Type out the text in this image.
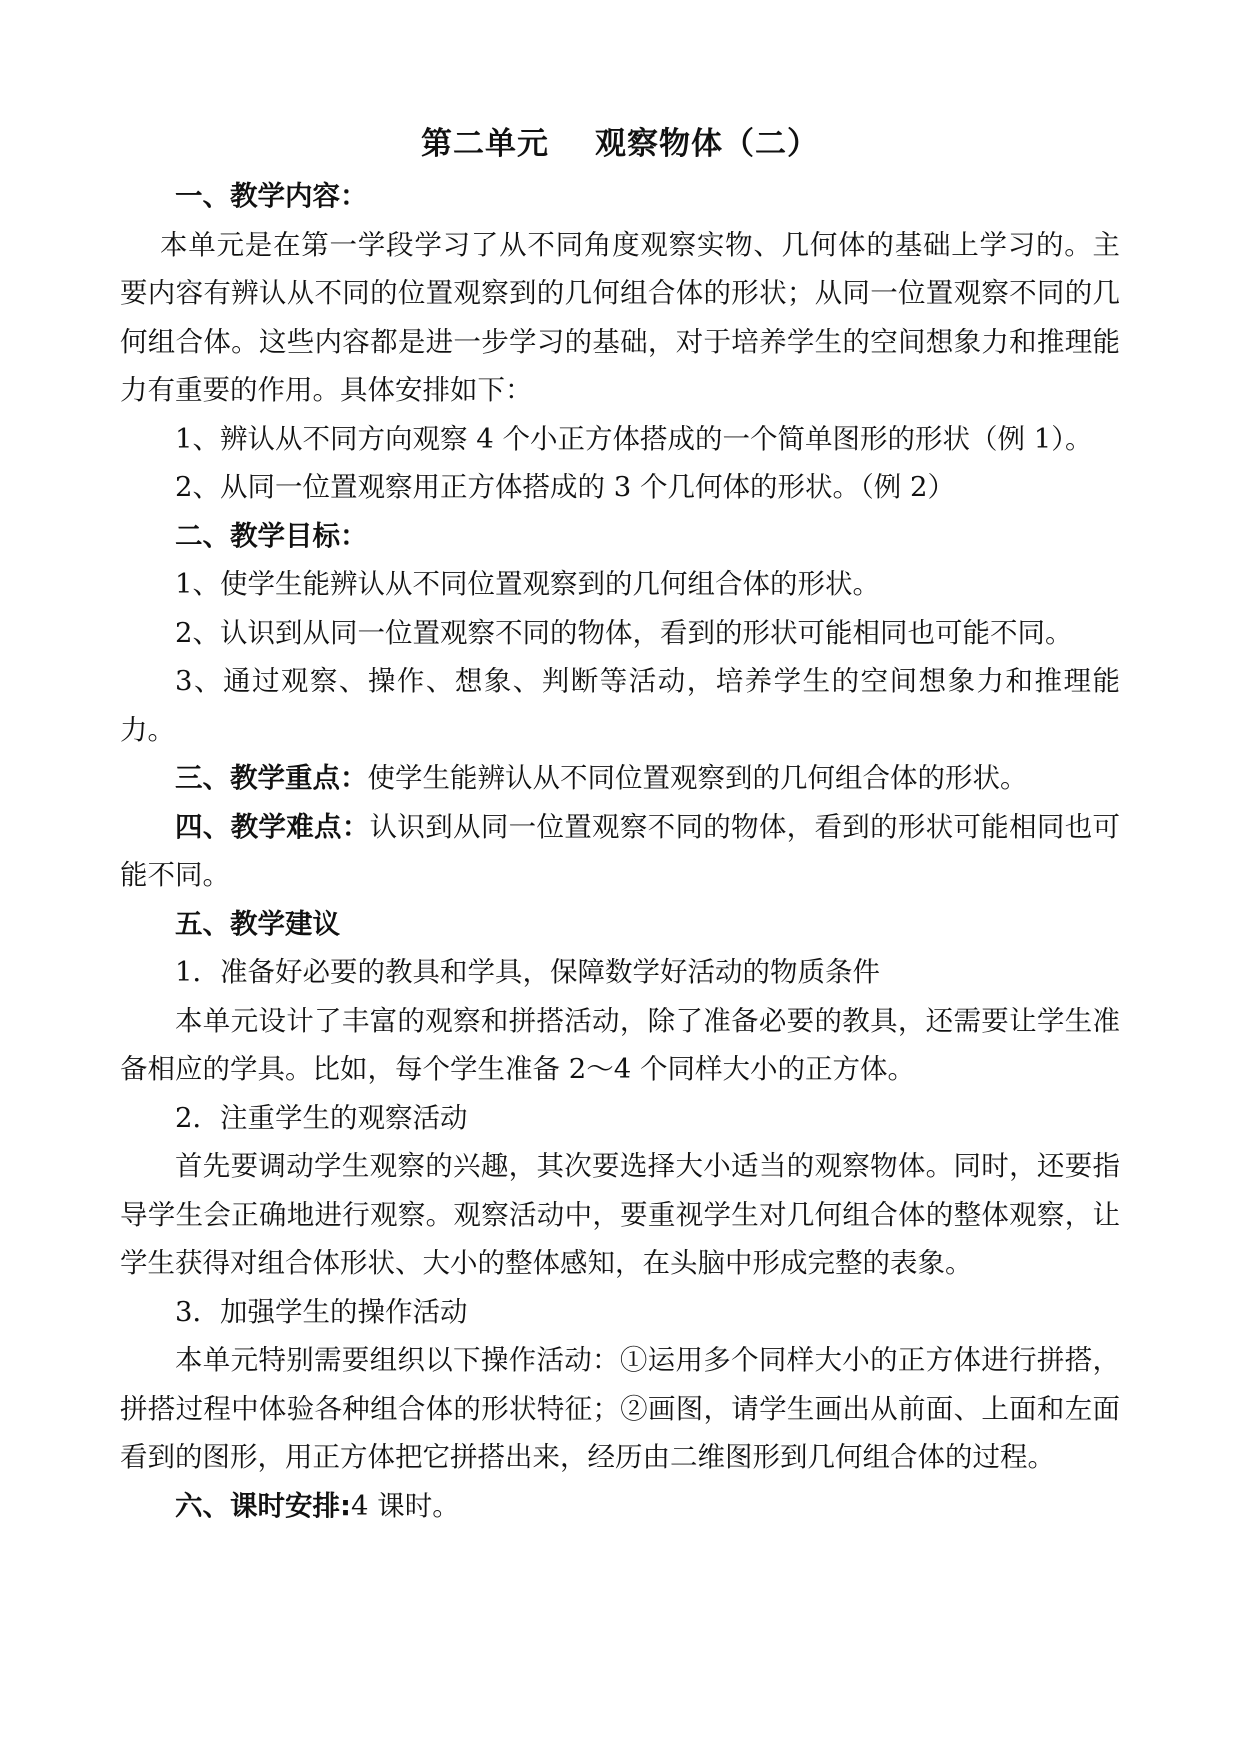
第二单元 观察物体（二）

一、教学内容：

本单元是在第一学段学习了从不同角度观察实物、几何体的基础上学习的。主要内容有辨认从不同的位置观察到的几何组合体的形状；从同一位置观察不同的几何组合体。这些内容都是进一步学习的基础，对于培养学生的空间想象力和推理能力有重要的作用。具体安排如下：

1、辨认从不同方向观察 4 个小正方体搭成的一个简单图形的形状（例 1）。

2、从同一位置观察用正方体搭成的 3 个几何体的形状。（例 2）

二、教学目标：

1、使学生能辨认从不同位置观察到的几何组合体的形状。

2、认识到从同一位置观察不同的物体，看到的形状可能相同也可能不同。

3、通过观察、操作、想象、判断等活动，培养学生的空间想象力和推理能力。

三、教学重点：使学生能辨认从不同位置观察到的几何组合体的形状。

四、教学难点：认识到从同一位置观察不同的物体，看到的形状可能相同也可能不同。

五、教学建议

1．准备好必要的教具和学具，保障数学好活动的物质条件

本单元设计了丰富的观察和拼搭活动，除了准备必要的教具，还需要让学生准备相应的学具。比如，每个学生准备 2～4 个同样大小的正方体。

2．注重学生的观察活动

首先要调动学生观察的兴趣，其次要选择大小适当的观察物体。同时，还要指导学生会正确地进行观察。观察活动中，要重视学生对几何组合体的整体观察，让学生获得对组合体形状、大小的整体感知，在头脑中形成完整的表象。

3．加强学生的操作活动

本单元特别需要组织以下操作活动：①运用多个同样大小的正方体进行拼搭，拼搭过程中体验各种组合体的形状特征；②画图，请学生画出从前面、上面和左面看到的图形，用正方体把它拼搭出来，经历由二维图形到几何组合体的过程。

六、课时安排:4 课时。
